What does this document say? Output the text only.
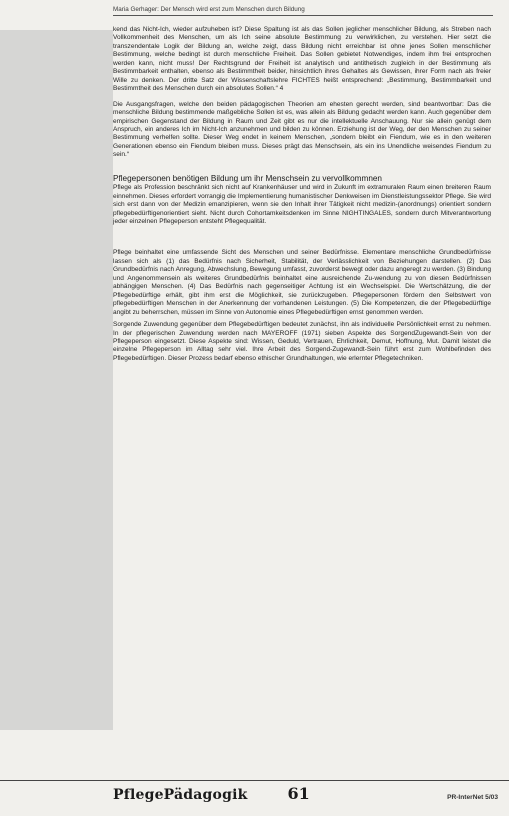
Maria Gerhager: Der Mensch wird erst zum Menschen durch Bildung

kend das Nicht-Ich, wieder aufzuheben ist? Diese Spaltung ist als das Sollen jeglicher menschlicher Bildung, als Streben nach Vollkommenheit des Menschen, um als Ich seine absolute Bestimmung zu verwirklichen, zu verstehen. Hier setzt die transzendentale Logik der Bildung an, welche zeigt, dass Bildung nicht erreichbar ist ohne jenes Sollen menschlicher Bestimmung, welche bedingt ist durch menschliche Freiheit. Das Sollen gebietet Notwendiges, indem ihm frei entsprochen werden kann, nicht muss! Der Rechtsgrund der Freiheit ist analytisch und antithetisch zugleich in der Bestimmung als Bestimmbarkeit enthalten, ebenso als Bestimmtheit beider, hinsichtlich ihres Gehaltes als Gewissen, ihrer Form nach als freier Wille zu denken. Der dritte Satz der Wissenschaftslehre FICHTES heißt entsprechend: „Bestimmung, Bestimmbarkeit und Bestimmtheit des Menschen durch ein absolutes Sollen.“ 4

Die Ausgangsfragen, welche den beiden pädagogischen Theorien am ehesten gerecht werden, sind beantwortbar: Das die menschliche Bildung bestimmende maßgebliche Sollen ist es, was allein als Bildung gedacht werden kann. Auch gegenüber dem empirischen Gegenstand der Bildung in Raum und Zeit gibt es nur die intellektuelle Anschauung. Nur sie allein genügt dem Anspruch, ein anderes Ich im Nicht-Ich anzunehmen und bilden zu können. Erziehung ist der Weg, der den Menschen zu seiner Bestimmung verhelfen sollte. Dieser Weg endet in keinem Menschen, „sondern bleibt ein Fiendum, wie es in den weiteren Generationen ebenso ein Fiendum bleiben muss. Dieses prägt das Menschsein, als ein ins Unendliche weisendes Fiendum zu sein.“

Pflegepersonen benötigen Bildung um ihr Menschsein zu vervollkommnen

Pflege als Profession beschränkt sich nicht auf Krankenhäuser und wird in Zukunft im extramuralen Raum einen breiteren Raum einnehmen. Dieses erfordert vorrangig die Implementierung humanistischer Denkweisen im Dienstleistungssektor Pflege. Sie wird sich erst dann von der Medizin emanzipieren, wenn sie den Inhalt ihrer Tätigkeit nicht medizin-(anordnungs) orientiert sondern pflegebedürftigenorientiert sieht. Nicht durch Cohortamkeitsdenken im Sinne NIGHTINGALES, sondern durch Mitverantwortung jeder einzelnen Pflegeperson entsteht Pflegequalität.

Pflege beinhaltet eine umfassende Sicht des Menschen und seiner Bedürfnisse. Elementare menschliche Grundbedürfnisse lassen sich als (1) das Bedürfnis nach Sicherheit, Stabilität, der Verlässlichkeit von Beziehungen darstellen. (2) Das Grundbedürfnis nach Anregung, Abwechslung, Bewegung umfasst, zuvorderst bewegt oder dazu angeregt zu werden. (3) Bindung und Angenommensein als weiteres Grundbedürfnis beinhaltet eine ausreichende Zu-wendung zu von diesen Bedürfnissen abhängigen Menschen. (4) Das Bedürfnis nach gegenseitiger Achtung ist ein Wechselspiel. Die Wertschätzung, die der Pflegebedürftige erhält, gibt ihm erst die Möglichkeit, sie zurückzugeben. Pflegepersonen fördern den Selbstwert von pflegebedürftigen Menschen in der Anerkennung der vorhandenen Leistungen. (5) Die Kompetenzen, die der Pflegebedürftige angibt zu beherrschen, müssen im Sinne von Autonomie eines Pflegebedürftigen ernst genommen werden.

Sorgende Zuwendung gegenüber dem Pflegebedürftigen bedeutet zunächst, ihn als individuelle Persönlichkeit ernst zu nehmen. In der pflegerischen Zuwendung werden nach MAYEROFF (1971) sieben Aspekte des SorgendZugewandt-Sein von der Pflegeperson eingesetzt. Diese Aspekte sind: Wissen, Geduld, Vertrauen, Ehrlichkeit, Demut, Hoffnung, Mut. Damit leistet die einzelne Pflegeperson im Alltag sehr viel. Ihre Arbeit des Sorgend-Zugewandt-Sein führt erst zum Wohlbefinden des Pflegebedürftigen. Dieser Prozess bedarf ebenso ethischer Grundhaltungen, wie erlernter Pflegetechniken.

PflegePädagogik	61	PR-InterNet 5/03
